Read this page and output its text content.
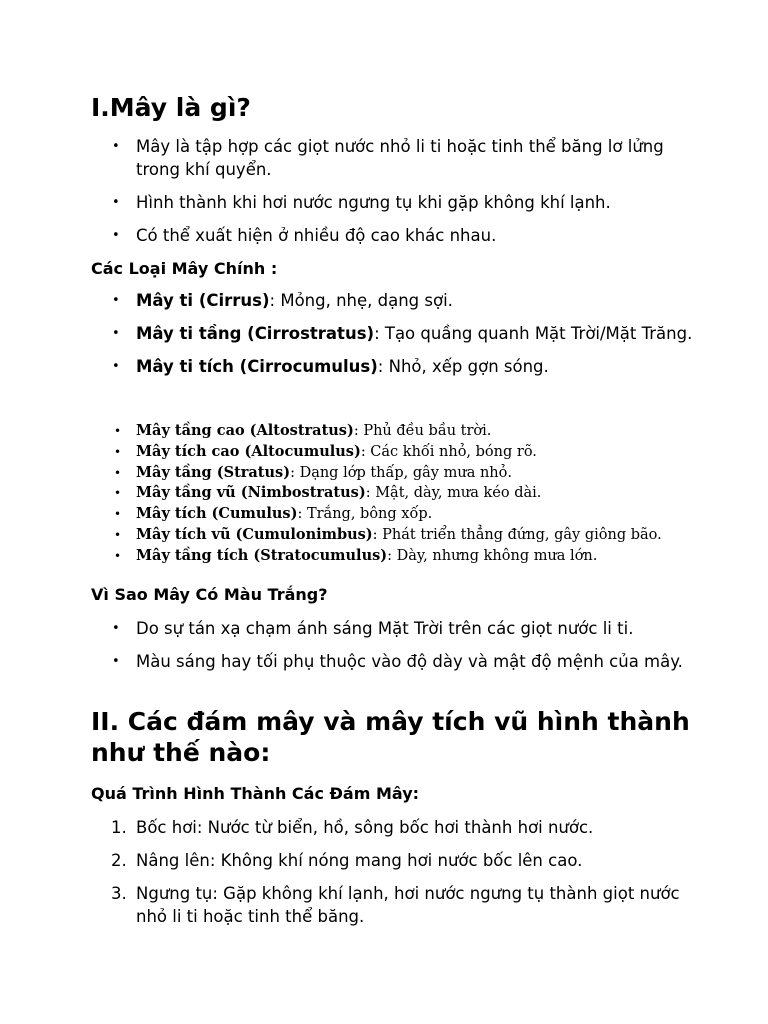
I.Mây là gì?
• Mây là tập hợp các giọt nước nhỏ li ti hoặc tinh thể băng lơ lửng trong khí quyển.
• Hình thành khi hơi nước ngưng tụ khi gặp không khí lạnh.
• Có thể xuất hiện ở nhiều độ cao khác nhau.
Các Loại Mây Chính :
• Mây ti (Cirrus): Mỏng, nhẹ, dạng sợi.
• Mây ti tầng (Cirrostratus): Tạo quầng quanh Mặt Trời/Mặt Trăng.
• Mây ti tích (Cirrocumulus): Nhỏ, xếp gợn sóng.
• Mây tầng cao (Altostratus): Phủ đều bầu trời.
• Mây tích cao (Altocumulus): Các khối nhỏ, bóng rõ.
• Mây tầng (Stratus): Dạng lớp thấp, gây mưa nhỏ.
• Mây tầng vũ (Nimbostratus): Mật, dày, mưa kéo dài.
• Mây tích (Cumulus): Trắng, bông xốp.
• Mây tích vũ (Cumulonimbus): Phát triển thẳng đứng, gây giông bão.
• Mây tầng tích (Stratocumulus): Dày, nhưng không mưa lớn.
Vì Sao Mây Có Màu Trắng?
• Do sự tán xạ chạm ánh sáng Mặt Trời trên các giọt nước li ti.
• Màu sáng hay tối phụ thuộc vào độ dày và mật độ mệnh của mây.
II. Các đám mây và mây tích vũ hình thành như thế nào:
Quá Trình Hình Thành Các Đám Mây:
1. Bốc hơi: Nước từ biển, hồ, sông bốc hơi thành hơi nước.
2. Nâng lên: Không khí nóng mang hơi nước bốc lên cao.
3. Ngưng tụ: Gặp không khí lạnh, hơi nước ngưng tụ thành giọt nước nhỏ li ti hoặc tinh thể băng.
